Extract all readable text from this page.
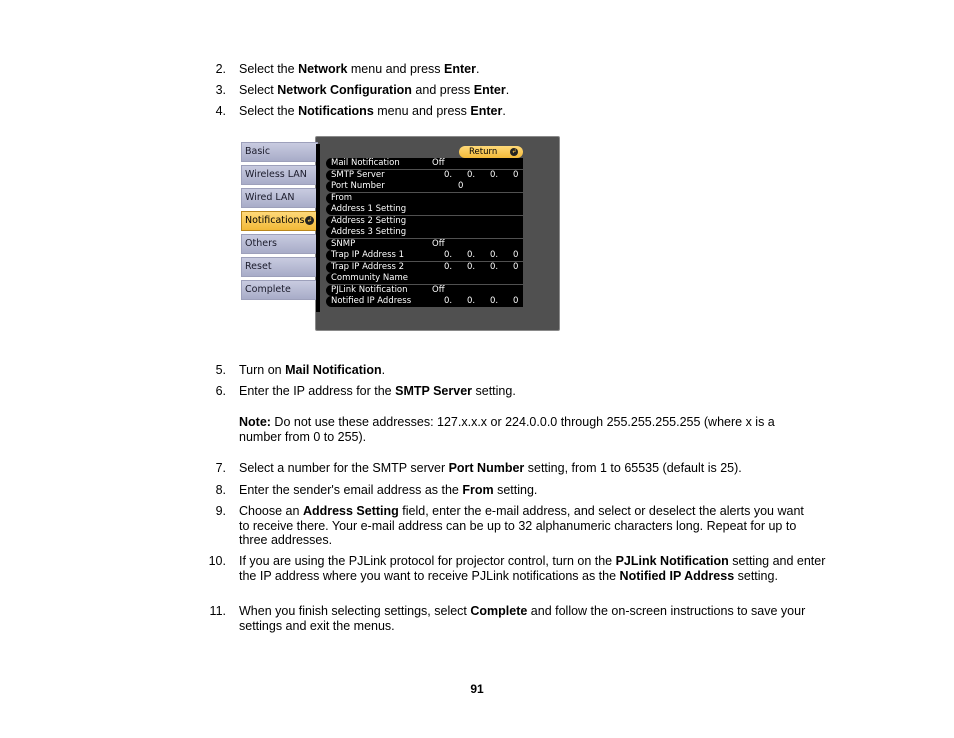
2. Select the Network menu and press Enter.
3. Select Network Configuration and press Enter.
4. Select the Notifications menu and press Enter.
Basic
Wireless LAN
Wired LAN
Notifications ↲
Others
Reset
Complete
Return ↲
Mail Notification	Off
SMTP Server	0. 0. 0. 0
Port Number	0
From
Address 1 Setting
Address 2 Setting
Address 3 Setting
SNMP	Off
Trap IP Address 1	0. 0. 0. 0
Trap IP Address 2	0. 0. 0. 0
Community Name
PJLink Notification	Off
Notified IP Address	0. 0. 0. 0
5. Turn on Mail Notification.
6. Enter the IP address for the SMTP Server setting.
Note: Do not use these addresses: 127.x.x.x or 224.0.0.0 through 255.255.255.255 (where x is a number from 0 to 255).
7. Select a number for the SMTP server Port Number setting, from 1 to 65535 (default is 25).
8. Enter the sender's email address as the From setting.
9. Choose an Address Setting field, enter the e-mail address, and select or deselect the alerts you want to receive there. Your e-mail address can be up to 32 alphanumeric characters long. Repeat for up to three addresses.
10. If you are using the PJLink protocol for projector control, turn on the PJLink Notification setting and enter the IP address where you want to receive PJLink notifications as the Notified IP Address setting.
11. When you finish selecting settings, select Complete and follow the on-screen instructions to save your settings and exit the menus.
91
